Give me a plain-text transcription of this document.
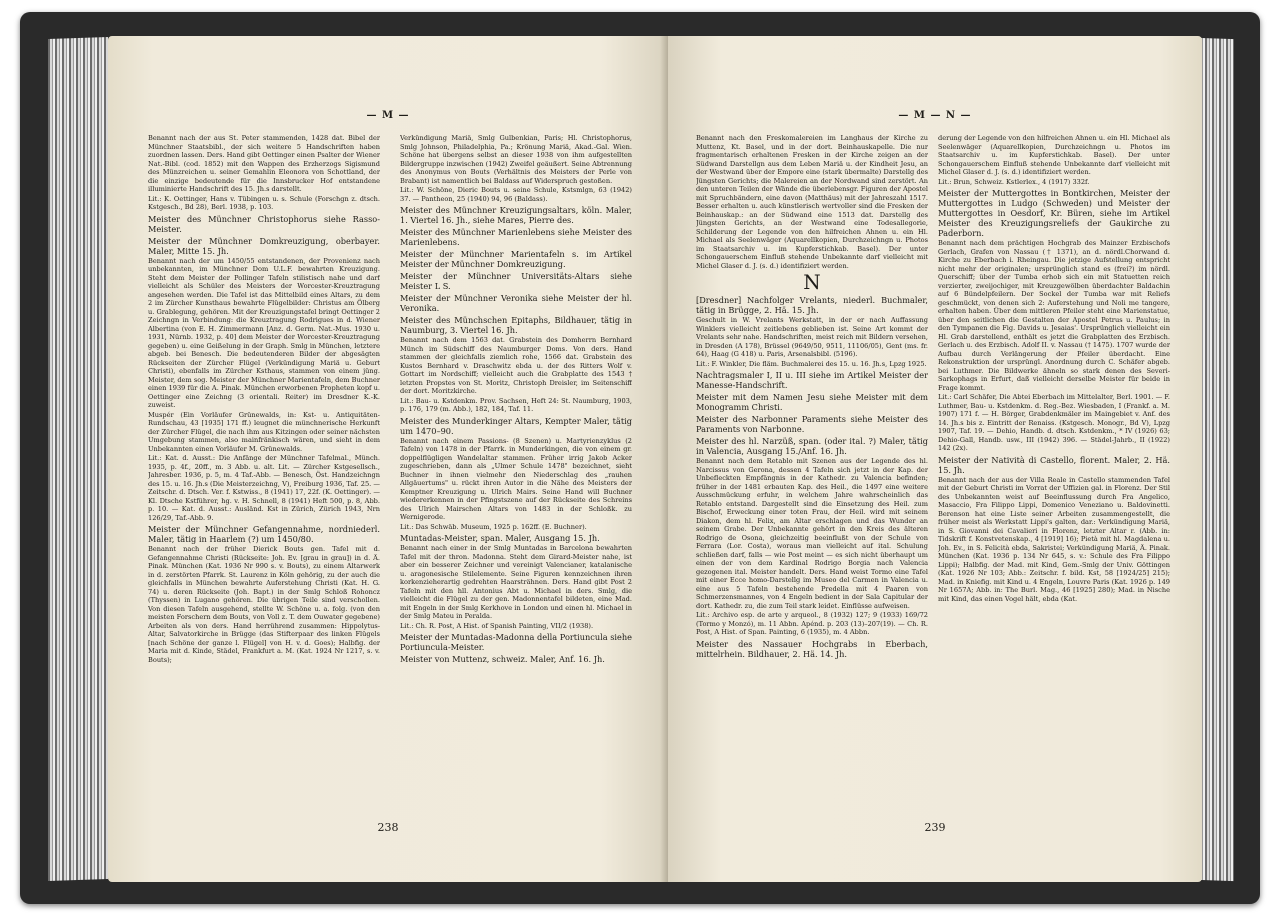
— M —

Benannt nach der aus St. Peter stammenden, 1428 dat. Bibel der Münchner Staatsbibl., der sich weitere 5 Handschriften haben zuordnen lassen. Ders. Hand gibt Oettinger einen Psalter der Wiener Nat.-Bibl. (cod. 1852) mit den Wappen des Erzherzogs Sigismund des Münzreichen u. seiner Gemahlin Eleonora von Schottland, der die einzige bedeutende für die Innsbrucker Hof entstandene illuminierte Handschrift des 15. Jh.s darstellt.

Lit.: K. Oettinger, Hans v. Tübingen u. s. Schule (Forschgn z. dtsch. Kstgesch., Bd 28), Berl. 1938, p. 103.

Meister des Münchner Christophorus siehe Rasso-Meister.

Meister der Münchner Domkreuzigung, oberbayer. Maler, Mitte 15. Jh.

Benannt nach der um 1450/55 entstandenen, der Provenienz nach unbekannten, im Münchner Dom U.L.F. bewahrten Kreuzigung. Steht dem Meister der Pollinger Tafeln stilistisch nahe und darf vielleicht als Schüler des Meisters der Worcester-Kreuztragung angesehen werden. Die Tafel ist das Mittelbild eines Altars, zu dem 2 im Zürcher Kunsthaus bewahrte Flügelbilder: Christus am Ölberg u. Grablegung, gehören. Mit der Kreuzigungstafel bringt Oettinger 2 Zeichngn in Verbindung: die Kreuztragung Rodrigues in d. Wiener Albertina (von E. H. Zimmermann [Anz. d. Germ. Nat.-Mus. 1930 u. 1931, Nürnb. 1932, p. 40] dem Meister der Worcester-Kreuztragung gegeben) u. eine Geißelung in der Graph. Smlg in München, letztere abgeb. bei Benesch. Die bedeutenderen Bilder der abgesägten Rückseiten der Zürcher Flügel (Verkündigung Mariä u. Geburt Christi), ebenfalls im Zürcher Ksthaus, stammen von einem jüng. Meister, dem sog. Meister der Münchner Marientafeln, dem Buchner einen 1939 für die A. Pinak. München erworbenen Propheten kopf u. Oettinger eine Zeichng (3 orientali. Reiter) im Dresdner K.-K. zuweist.

Muspér (Ein Vorläufer Grünewalds, in: Kst- u. Antiquitäten-Rundschau, 43 [1935] 171 ff.) leugnet die münchnerische Herkunft der Zürcher Flügel, die nach ihm aus Kitzingen oder seiner nächsten Umgebung stammen, also mainfränkisch wären, und sieht in dem Unbekannten einen Vorläufer M. Grünewalds.

Lit.: Kat. d. Ausst.: Die Anfänge der Münchner Tafelmal., Münch. 1935, p. 4f., 20ff., m. 3 Abb. u. alt. Lit. — Zürcher Kstgesellsch., Jahresber. 1936, p. 5, m. 4 Taf.-Abb. — Benesch, Öst. Handzeichngn des 15. u. 16. Jh.s (Die Meisterzeichng, V), Freiburg 1936, Taf. 25. — Zeitschr. d. Dtsch. Ver. f. Kstwiss., 8 (1941) 17, 22f. (K. Oettinger). — Kl. Dtsche Kstführer, hg. v. H. Schnell, 8 (1941) Heft 500, p. 8, Abb. p. 10. — Kat. d. Ausst.: Ausländ. Kst in Zürich, Zürich 1943, Nrn 126/29, Taf.-Abb. 9.

Meister der Münchner Gefangennahme, nordniederl. Maler, tätig in Haarlem (?) um 1450/80.

Benannt nach der früher Dierick Bouts gen. Tafel mit d. Gefangennahme Christi (Rückseite: Joh. Ev. [grau in grau]) in d. Ä. Pinak. München (Kat. 1936 Nr 990 s. v. Bouts), zu einem Altarwerk in d. zerstörten Pfarrk. St. Laurenz in Köln gehörig, zu der auch die gleichfalls in München bewahrte Auferstehung Christi (Kat. H. G. 74) u. deren Rückseite (Joh. Bapt.) in der Smlg Schloß Rohoncz (Thyssen) in Lugano gehören. Die übrigen Teile sind verschollen. Von diesen Tafeln ausgehend, stellte W. Schöne u. a. folg. (von den meisten Forschern dem Bouts, von Voll z. T. dem Ouwater gegebene) Arbeiten als von ders. Hand herrührend zusammen: Hippolytus-Altar, Salvatorkirche in Brügge (das Stifterpaar des linken Flügels [nach Schöne der ganze l. Flügel] von H. v. d. Goes); Halbfig. der Maria mit d. Kinde, Städel, Frankfurt a. M. (Kat. 1924 Nr 1217, s. v. Bouts);

Verkündigung Mariä, Smlg Gulbenkian, Paris; Hl. Christophorus, Smlg Johnson, Philadelphia, Pa.; Krönung Mariä, Akad.-Gal. Wien. Schöne hat übergens selbst an dieser 1938 von ihm aufgestellten Bildergruppe inzwischen (1942) Zweifel geäußert. Seine Abtrennung des Anonymus von Bouts (Verhältnis des Meisters der Perle von Brabant) ist namentlich bei Baldass auf Widerspruch gestoßen.

Lit.: W. Schöne, Dieric Bouts u. seine Schule, Kstsmlgn, 63 (1942) 37. — Pantheon, 25 (1940) 94, 96 (Baldass).

Meister des Münchner Kreuzigungsaltars, köln. Maler, 1. Viertel 16. Jh., siehe Mares, Pierre des.

Meister des Münchner Marienlebens siehe Meister des Marienlebens.

Meister der Münchner Marientafeln s. im Artikel Meister der Münchner Domkreuzigung.

Meister der Münchner Universitäts-Altars siehe Meister L S.

Meister der Münchner Veronika siehe Meister der hl. Veronika.

Meister des Münchschen Epitaphs, Bildhauer, tätig in Naumburg, 3. Viertel 16. Jh.

Benannt nach dem 1563 dat. Grabstein des Domherrn Bernhard Münch im Südschiff des Naumburger Doms. Von ders. Hand stammen der gleichfalls ziemlich rohe, 1566 dat. Grabstein des Kustos Bernhard v. Draschwitz ebda u. der des Ritters Wolf v. Gottart im Nordschiff; vielleicht auch die Grabplatte des 1543 † letzten Propstes von St. Moritz, Christoph Dreisler, im Seitenschiff der dort. Moritzkirche.

Lit.: Bau- u. Kstdenkm. Prov. Sachsen, Heft 24: St. Naumburg, 1903, p. 176, 179 (m. Abb.), 182, 184, Taf. 11.

Meister des Munderkinger Altars, Kempter Maler, tätig um 1470–90.

Benannt nach einem Passions- (8 Szenen) u. Martyrienzyklus (2 Tafeln) von 1478 in der Pfarrk. in Munderkingen, die von einem gr. doppelflügligen Wandelaltar stammen. Früher irrig Jakob Acker zugeschrieben, dann als „Ulmer Schule 1478" bezeichnet, sieht Buchner in ihnen vielmehr den Niederschlag des „rauhen Allgäuertums" u. rückt ihren Autor in die Nähe des Meisters der Kemptner Kreuzigung u. Ulrich Mairs. Seine Hand will Buchner wiedererkennen in der Pfingstszene auf der Rückseite des Schreins des Ulrich Mairschen Altars von 1483 in der Schloßk. zu Wernigerode.

Lit.: Das Schwäb. Museum, 1925 p. 162ff. (E. Buchner).

Muntadas-Meister, span. Maler, Ausgang 15. Jh.

Benannt nach einer in der Smlg Muntadas in Barcelona bewahrten Tafel mit der thron. Madonna. Steht dem Girard-Meister nahe, ist aber ein besserer Zeichner und vereinigt Valencianer, katalanische u. aragonesische Stilelemente. Seine Figuren kennzeichnen ihren korkenzieherartig gedrehten Haarsträhnen. Ders. Hand gibt Post 2 Tafeln mit den hll. Antonius Abt u. Michael in ders. Smlg, die vielleicht die Flügel zu der gen. Madonnentafel bildeten, eine Mad. mit Engeln in der Smlg Kerkhove in London und einen hl. Michael in der Smlg Mateu in Peralda.

Lit.: Ch. R. Post, A Hist. of Spanish Painting, VII/2 (1938).

Meister der Muntadas-Madonna della Portiuncula siehe Portiuncula-Meister.

Meister von Muttenz, schweiz. Maler, Anf. 16. Jh.

238
— M — N —

Benannt nach den Freskomalereien im Langhaus der Kirche zu Muttenz, Kt. Basel, und in der dort. Beinhauskapelle. Die nur fragmentarisch erhaltenen Fresken in der Kirche zeigen an der Südwand Darstellgn aus dem Leben Mariä u. der Kindheit Jesu, an der Westwand über der Empore eine (stark übermalte) Darstellg des Jüngsten Gerichts; die Malereien an der Nordwand sind zerstört. An den unteren Teilen der Wände die überlebensgr. Figuren der Apostel mit Spruchbändern, eine davon (Matthäus) mit der Jahreszahl 1517. Besser erhalten u. auch künstlerisch wertvoller sind die Fresken der Beinhauskap.: an der Südwand eine 1513 dat. Darstellg des Jüngsten Gerichts, an der Westwand eine Todesallegorie, Schilderung der Legende von den hilfreichen Ahnen u. ein Hl. Michael als Seelenwäger (Aquarellkopien, Durchzeichngn u. Photos im Staatsarchiv u. im Kupferstichkab. Basel). Der unter Schongauerschem Einfluß stehende Unbekannte darf vielleicht mit Michel Glaser d. J. (s. d.) identifiziert werden.

N

[Dresdner] Nachfolger Vrelants, niederl. Buchmaler, tätig in Brügge, 2. Hä. 15. Jh.

Geschult in W. Vrelants Werkstatt, in der er nach Auffassung Winklers vielleicht zeitlebens geblieben ist. Seine Art kommt der Vrelants sehr nahe. Handschriften, meist reich mit Bildern versehen, in Dresden (A 178), Brüssel (9649/50, 9511, 11106/05), Gent (ms. fr. 64), Haag (G 418) u. Paris, Arsenalsbibl. (5196).

Lit.: F. Winkler, Die fläm. Buchmalerei des 15. u. 16. Jh.s, Lpzg 1925.

Nachtragsmaler I, II u. III siehe im Artikel Meister der Manesse-Handschrift.

Meister mit dem Namen Jesu siehe Meister mit dem Monogramm Christi.

Meister des Narbonner Paraments siehe Meister des Paraments von Narbonne.

Meister des hl. Narzüß, span. (oder ital. ?) Maler, tätig in Valencia, Ausgang 15./Anf. 16. Jh.

Benannt nach dem Retablo mit Szenen aus der Legende des hl. Narcissus von Gerona, dessen 4 Tafeln sich jetzt in der Kap. der Unbefleckten Empfängnis in der Kathedr. zu Valencia befinden; früher in der 1481 erbauten Kap. des Heil., die 1497 eine weitere Ausschmückung erfuhr, in welchem Jahre wahrscheinlich das Retablo entstand. Dargestellt sind die Einsetzung des Heil. zum Bischof, Erweckung einer toten Frau, der Heil. wird mit seinem Diakon, dem hl. Felix, am Altar erschlagen und das Wunder an seinem Grabe. Der Unbekannte gehört in den Kreis des älteren Rodrigo de Osona, gleichzeitig beeinflußt von der Schule von Ferrara (Lor. Costa), woraus man vielleicht auf ital. Schulung schließen darf, falls — wie Post meint — es sich nicht überhaupt um einen der von dem Kardinal Rodrigo Borgia nach Valencia gezogenen ital. Meister handelt. Ders. Hand weist Tormo eine Tafel mit einer Ecce homo-Darstellg im Museo del Carmen in Valencia u. eine aus 5 Tafeln bestehende Predella mit 4 Paaren von Schmerzensmannes, von 4 Engeln bedient in der Sala Capitular der dort. Kathedr. zu, die zum Teil stark leidet. Einflüsse aufweisen.

Lit.: Archivo esp. de arte y arqueol., 8 (1932) 127; 9 (1933) 169/72 (Tormo y Monzó), m. 11 Abbn. Apénd. p. 203 (13)–207(19). — Ch. R. Post, A Hist. of Span. Painting, 6 (1935), m. 4 Abbn.

Meister des Nassauer Hochgrabs in Eberbach, mittelrhein. Bildhauer, 2. Hä. 14. Jh.

derung der Legende von den hilfreichen Ahnen u. ein Hl. Michael als Seelenwäger (Aquarellkopien, Durchzeichngn u. Photos im Staatsarchiv u. im Kupferstichkab. Basel). Der unter Schongauerschem Einfluß stehende Unbekannte darf vielleicht mit Michel Glaser d. J. (s. d.) identifiziert werden.

Lit.: Brun, Schweiz. Kstlerlex., 4 (1917) 332f.

Meister der Muttergottes in Bontkirchen, Meister der Muttergottes in Ludgo (Schweden) und Meister der Muttergottes in Oesdorf, Kr. Büren, siehe im Artikel Meister des Kreuzigungsreliefs der Gaukirche zu Paderborn.

Benannt nach dem prächtigen Hochgrab des Mainzer Erzbischofs Gerlach, Grafen von Nassau († 1371), an d. nördl.Chorwand d. Kirche zu Eberbach i. Rheingau. Die jetzige Aufstellung entspricht nicht mehr der originalen; ursprünglich stand es (frei?) im nördl. Querschiff; über der Tumba erhob sich ein mit Statuetten reich verzierter, zweijochiger, mit Kreuzgewölben überdachter Baldachin auf 6 Bündelpfeilern. Der Sockel der Tumba war mit Reliefs geschmückt, von denen sich 2: Auferstehung und Noli me tangere, erhalten haben. Über dem mittleren Pfeiler steht eine Marienstatue, über den seitlichen die Gestalten der Apostel Petrus u. Paulus; in den Tympanen die Fig. Davids u. Jesaias'. Ursprünglich vielleicht ein Hl. Grab darstellend, enthält es jetzt die Grabplatten des Erzbisch. Gerlach u. des Erzbisch. Adolf II. v. Nassau († 1475). 1707 wurde der Aufbau durch Verlängerung der Pfeiler überdacht. Eine Rekonstruktion der ursprüngl. Anordnung durch C. Schäfer abgeb. bei Luthmer. Die Bildwerke ähneln so stark denen des Severi-Sarkophags in Erfurt, daß vielleicht derselbe Meister für beide in Frage kommt.

Lit.: Carl Schäfer, Die Abtei Eberbach im Mittelalter, Berl. 1901. — F. Luthmer, Bau- u. Kstdenkm. d. Reg.-Bez. Wiesbaden, I (Frankf. a. M. 1907) 171 f. — H. Börger, Grabdenkmäler im Maingebiet v. Anf. des 14. Jh.s bis z. Eintritt der Renaiss. (Kstgesch. Monogr., Bd V), Lpzg 1907, Taf. 19. — Dehio, Handb. d. dtsch. Kstdenkm., * IV (1926) 63; Dehio-Gall, Handb. usw., III (1942) 396. — Städel-Jahrb., II (1922) 142 (2x).

Meister der Natività di Castello, florent. Maler, 2. Hä. 15. Jh.

Benannt nach der aus der Villa Reale in Castello stammenden Tafel mit der Geburt Christi im Vorrat der Uffizien gal. in Florenz. Der Stil des Unbekannten weist auf Beeinflussung durch Fra Angelico, Masaccio, Fra Filippo Lippi, Domenico Veneziano u. Baldovinetti. Berenson hat eine Liste seiner Arbeiten zusammengestellt, die früher meist als Werkstatt Lippi's galten, dar.: Verkündigung Mariä, in S. Giovanni dei Cavalieri in Florenz, letzter Altar r. (Abb. in: Tidskrift f. Konstvetenskap., 4 [1919] 16); Pietà mit hl. Magdalena u. Joh. Ev., in S. Felicità ebda, Sakristei; Verkündigung Mariä, Ä. Pinak. München (Kat. 1936 p. 134 Nr 645, s. v.: Schule des Fra Filippo Lippi); Halbfig. der Mad. mit Kind, Gem.-Smlg der Univ. Göttingen (Kat. 1926 Nr 103; Abb.: Zeitschr. f. bild. Kst, 58 [1924/25] 215); Mad. in Kniefig. mit Kind u. 4 Engeln, Louvre Paris (Kat. 1926 p. 149 Nr 1657A; Abb. in: The Burl. Mag., 46 [1925] 280); Mad. in Nische mit Kind, das einen Vogel hält, ebda (Kat.

239
